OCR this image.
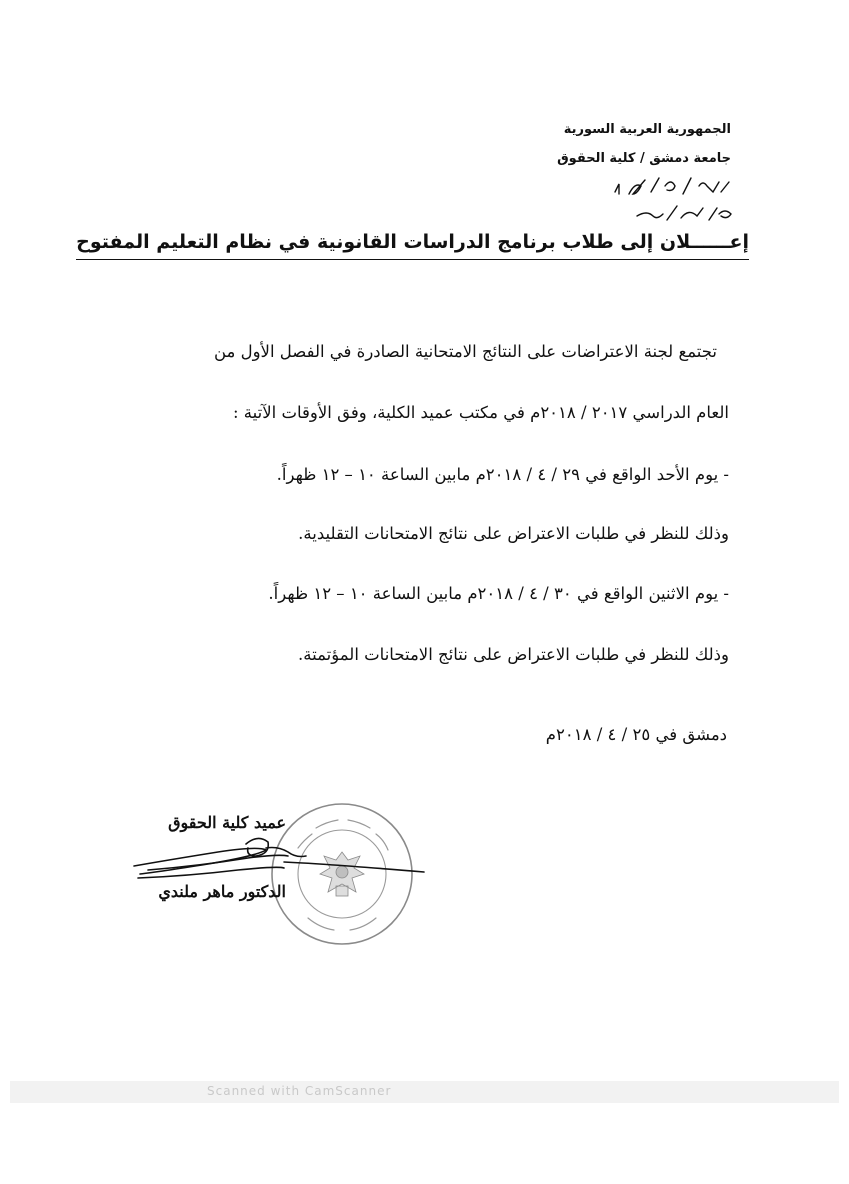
الجمهورية العربية السورية
جامعة دمشق / كلية الحقوق
إعــــــلان إلى طلاب برنامج الدراسات القانونية في نظام التعليم المفتوح
تجتمع لجنة الاعتراضات على النتائج الامتحانية الصادرة في الفصل الأول من
العام الدراسي ٢٠١٧ / ٢٠١٨م في مكتب عميد الكلية، وفق الأوقات الآتية :
- يوم الأحد الواقع في ٢٩ / ٤ / ٢٠١٨م مابين الساعة ١٠ – ١٢ ظهراً.
وذلك للنظر في طلبات الاعتراض على نتائج الامتحانات التقليدية.
- يوم الاثنين الواقع في ٣٠ / ٤ / ٢٠١٨م مابين الساعة ١٠ – ١٢ ظهراً.
وذلك للنظر في طلبات الاعتراض على نتائج الامتحانات المؤتمتة.
دمشق في ٢٥ / ٤ / ٢٠١٨م
عميد كلية الحقوق
الدكتور ماهر ملندي
Scanned with CamScanner
